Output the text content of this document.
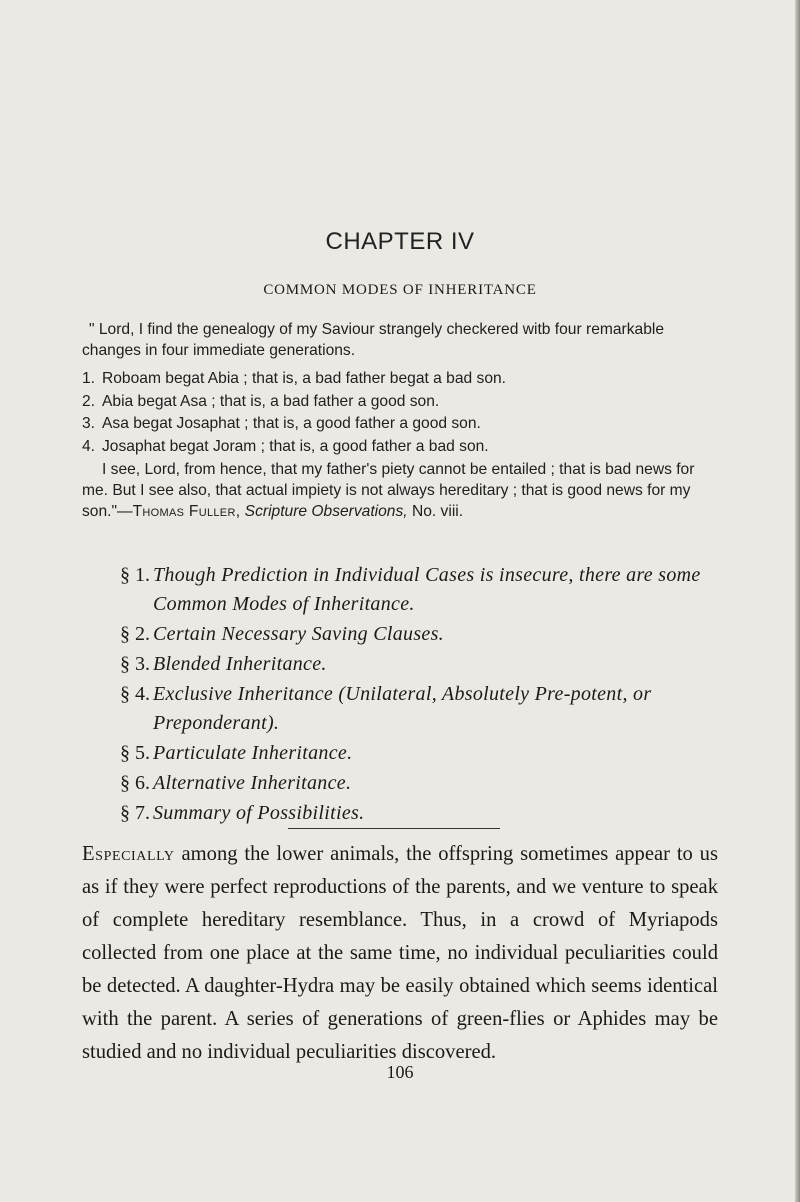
CHAPTER IV
COMMON MODES OF INHERITANCE
" Lord, I find the genealogy of my Saviour strangely checkered witb four remarkable changes in four immediate generations.
1. Roboam begat Abia ; that is, a bad father begat a bad son.
2. Abia begat Asa ; that is, a bad father a good son.
3. Asa begat Josaphat ; that is, a good father a good son.
4. Josaphat begat Joram ; that is, a good father a bad son.
I see, Lord, from hence, that my father's piety cannot be entailed ; that is bad news for me. But I see also, that actual impiety is not always hereditary ; that is good news for my son."—Thomas Fuller, Scripture Observations, No. viii.
§ 1. Though Prediction in Individual Cases is insecure, there are some Common Modes of Inheritance.
§ 2. Certain Necessary Saving Clauses.
§ 3. Blended Inheritance.
§ 4. Exclusive Inheritance (Unilateral, Absolutely Pre-potent, or Preponderant).
§ 5. Particulate Inheritance.
§ 6. Alternative Inheritance.
§ 7. Summary of Possibilities.
Especially among the lower animals, the offspring sometimes appear to us as if they were perfect reproductions of the parents, and we venture to speak of complete hereditary resemblance. Thus, in a crowd of Myriapods collected from one place at the same time, no individual peculiarities could be detected. A daughter-Hydra may be easily obtained which seems identical with the parent. A series of generations of green-flies or Aphides may be studied and no individual peculiarities discovered.
106
